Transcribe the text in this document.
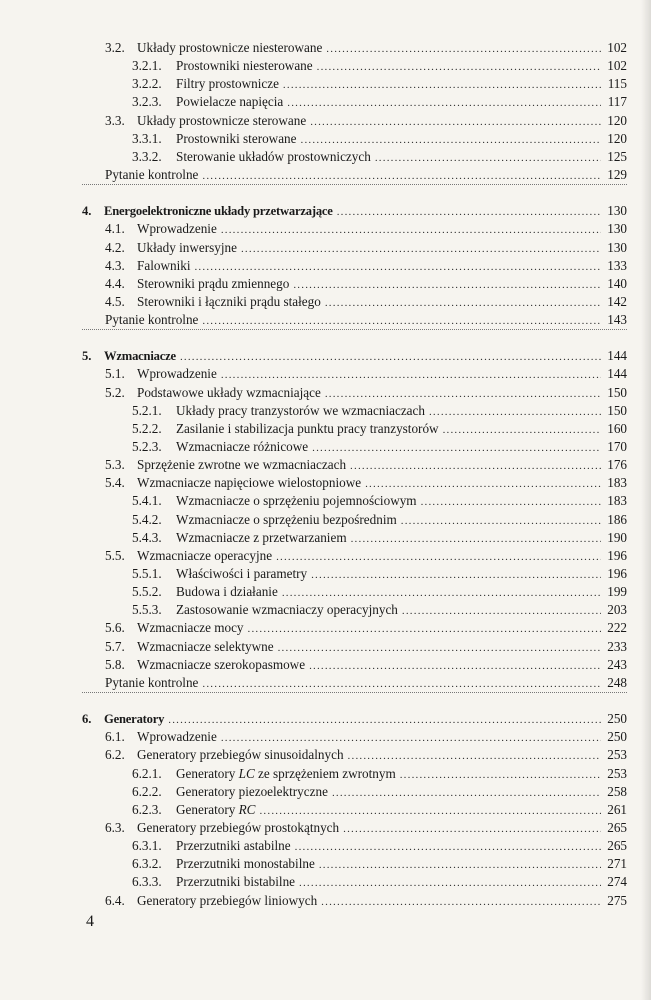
3.2. Układy prostownicze niesterowane .....	102
3.2.1.	Prostowniki niesterowane .....	102
3.2.2.	Filtry prostownicze .....	115
3.2.3.	Powielacze napięcia .....	117
3.3. Układy prostownicze sterowane .....	120
3.3.1.	Prostowniki sterowane .....	120
3.3.2.	Sterowanie układów prostowniczych .....	125
Pytanie kontrolne .....	129
4. Energoelektroniczne układy przetwarzające .....	130
4.1. Wprowadzenie .....	130
4.2. Układy inwersyjne .....	130
4.3. Falowniki .....	133
4.4. Sterowniki prądu zmiennego .....	140
4.5. Sterowniki i łączniki prądu stałego .....	142
Pytanie kontrolne .....	143
5. Wzmacniacze .....	144
5.1. Wprowadzenie .....	144
5.2. Podstawowe układy wzmacniające .....	150
5.2.1.	Układy pracy tranzystorów we wzmacniaczach .....	150
5.2.2.	Zasilanie i stabilizacja punktu pracy tranzystorów .....	160
5.2.3.	Wzmacniacze różnicowe .....	170
5.3. Sprzężenie zwrotne we wzmacniaczach .....	176
5.4. Wzmacniacze napięciowe wielostopniowe .....	183
5.4.1.	Wzmacniacze o sprzężeniu pojemnościowym .....	183
5.4.2.	Wzmacniacze o sprzężeniu bezpośrednim .....	186
5.4.3.	Wzmacniacze z przetwarzaniem .....	190
5.5. Wzmacniacze operacyjne .....	196
5.5.1.	Właściwości i parametry .....	196
5.5.2.	Budowa i działanie .....	199
5.5.3.	Zastosowanie wzmacniaczy operacyjnych .....	203
5.6. Wzmacniacze mocy .....	222
5.7. Wzmacniacze selektywne .....	233
5.8. Wzmacniacze szerokopasmowe .....	243
Pytanie kontrolne .....	248
6. Generatory .....	250
6.1. Wprowadzenie .....	250
6.2. Generatory przebiegów sinusoidalnych .....	253
6.2.1.	Generatory LC ze sprzężeniem zwrotnym .....	253
6.2.2.	Generatory piezoelektryczne .....	258
6.2.3.	Generatory RC .....	261
6.3. Generatory przebiegów prostokątnych .....	265
6.3.1.	Przerzutniki astabilne .....	265
6.3.2.	Przerzutniki monostabilne .....	271
6.3.3.	Przerzutniki bistabilne .....	274
6.4. Generatory przebiegów liniowych .....	275
4
